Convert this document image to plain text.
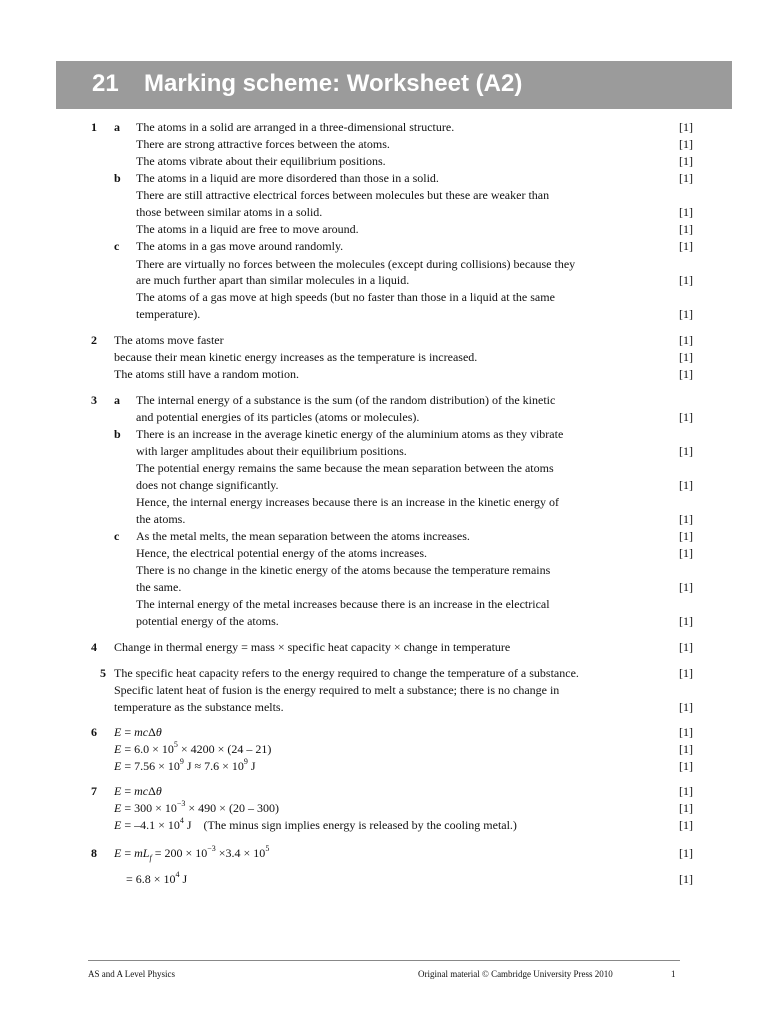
21 Marking scheme: Worksheet (A2)
1 a The atoms in a solid are arranged in a three-dimensional structure.	[1]
There are strong attractive forces between the atoms.	[1]
The atoms vibrate about their equilibrium positions.	[1]
b The atoms in a liquid are more disordered than those in a solid.	[1]
There are still attractive electrical forces between molecules but these are weaker than
those between similar atoms in a solid.	[1]
The atoms in a liquid are free to move around.	[1]
c The atoms in a gas move around randomly.	[1]
There are virtually no forces between the molecules (except during collisions) because they
are much further apart than similar molecules in a liquid.	[1]
The atoms of a gas move at high speeds (but no faster than those in a liquid at the same
temperature).	[1]
2 The atoms move faster	[1]
because their mean kinetic energy increases as the temperature is increased.	[1]
The atoms still have a random motion.	[1]
3 a The internal energy of a substance is the sum (of the random distribution) of the kinetic
and potential energies of its particles (atoms or molecules).	[1]
b There is an increase in the average kinetic energy of the aluminium atoms as they vibrate
with larger amplitudes about their equilibrium positions.	[1]
The potential energy remains the same because the mean separation between the atoms
does not change significantly.	[1]
Hence, the internal energy increases because there is an increase in the kinetic energy of
the atoms.	[1]
c As the metal melts, the mean separation between the atoms increases.	[1]
Hence, the electrical potential energy of the atoms increases.	[1]
There is no change in the kinetic energy of the atoms because the temperature remains
the same.	[1]
The internal energy of the metal increases because there is an increase in the electrical
potential energy of the atoms.	[1]
4 Change in thermal energy = mass × specific heat capacity × change in temperature	[1]
5 The specific heat capacity refers to the energy required to change the temperature of a substance.	[1]
Specific latent heat of fusion is the energy required to melt a substance; there is no change in
temperature as the substance melts.	[1]
6 E = mcΔθ	[1]
$E = 6.0 \times 10^5 \times 4200 \times (24 - 21)$	[1]
$E = 7.56 \times 10^9$ $J \approx 7.6 \times 10^9$ J	[1]
7 E = mcΔθ	[1]
$E = 300 \times 10^{-3} \times 490 \times (20 - 300)$	[1]
$E = -4.1 \times 10^4$ J    (The minus sign implies energy is released by the cooling metal.)	[1]
8 $E = mL_f = 200 \times 10^{-3} \times 3.4 \times 10^5$	[1]
= $6.8 \times 10^4$ J	[1]
AS and A Level Physics	Original material © Cambridge University Press 2010	1
